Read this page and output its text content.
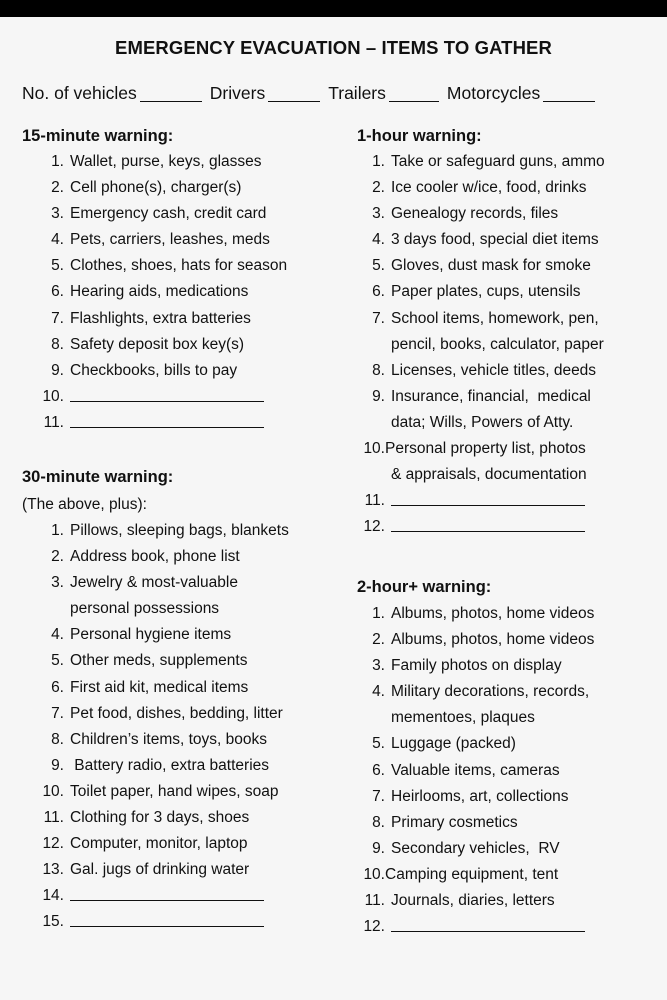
EMERGENCY EVACUATION – ITEMS TO GATHER
No. of vehicles	Drivers	Trailers	Motorcycles
15-minute warning:
1. Wallet, purse, keys, glasses
2. Cell phone(s), charger(s)
3. Emergency cash, credit card
4. Pets, carriers, leashes, meds
5. Clothes, shoes, hats for season
6. Hearing aids, medications
7. Flashlights, extra batteries
8. Safety deposit box key(s)
9. Checkbooks, bills to pay
10.
11.
30-minute warning:
(The above, plus):
1. Pillows, sleeping bags, blankets
2. Address book, phone list
3. Jewelry & most-valuable
personal possessions
4. Personal hygiene items
5. Other meds, supplements
6. First aid kit, medical items
7. Pet food, dishes, bedding, litter
8. Children’s items, toys, books
9. Battery radio, extra batteries
10. Toilet paper, hand wipes, soap
11. Clothing for 3 days, shoes
12. Computer, monitor, laptop
13. Gal. jugs of drinking water
14.
15.
1-hour warning:
1. Take or safeguard guns, ammo
2. Ice cooler w/ice, food, drinks
3. Genealogy records, files
4. 3 days food, special diet items
5. Gloves, dust mask for smoke
6. Paper plates, cups, utensils
7. School items, homework, pen,
pencil, books, calculator, paper
8. Licenses, vehicle titles, deeds
9. Insurance, financial,  medical
data; Wills, Powers of Atty.
10. Personal property list, photos
& appraisals, documentation
11.
12.
2-hour+ warning:
1. Albums, photos, home videos
2. Albums, photos, home videos
3. Family photos on display
4. Military decorations, records,
mementoes, plaques
5. Luggage (packed)
6. Valuable items, cameras
7. Heirlooms, art, collections
8. Primary cosmetics
9. Secondary vehicles,  RV
10. Camping equipment, tent
11. Journals, diaries, letters
12.
